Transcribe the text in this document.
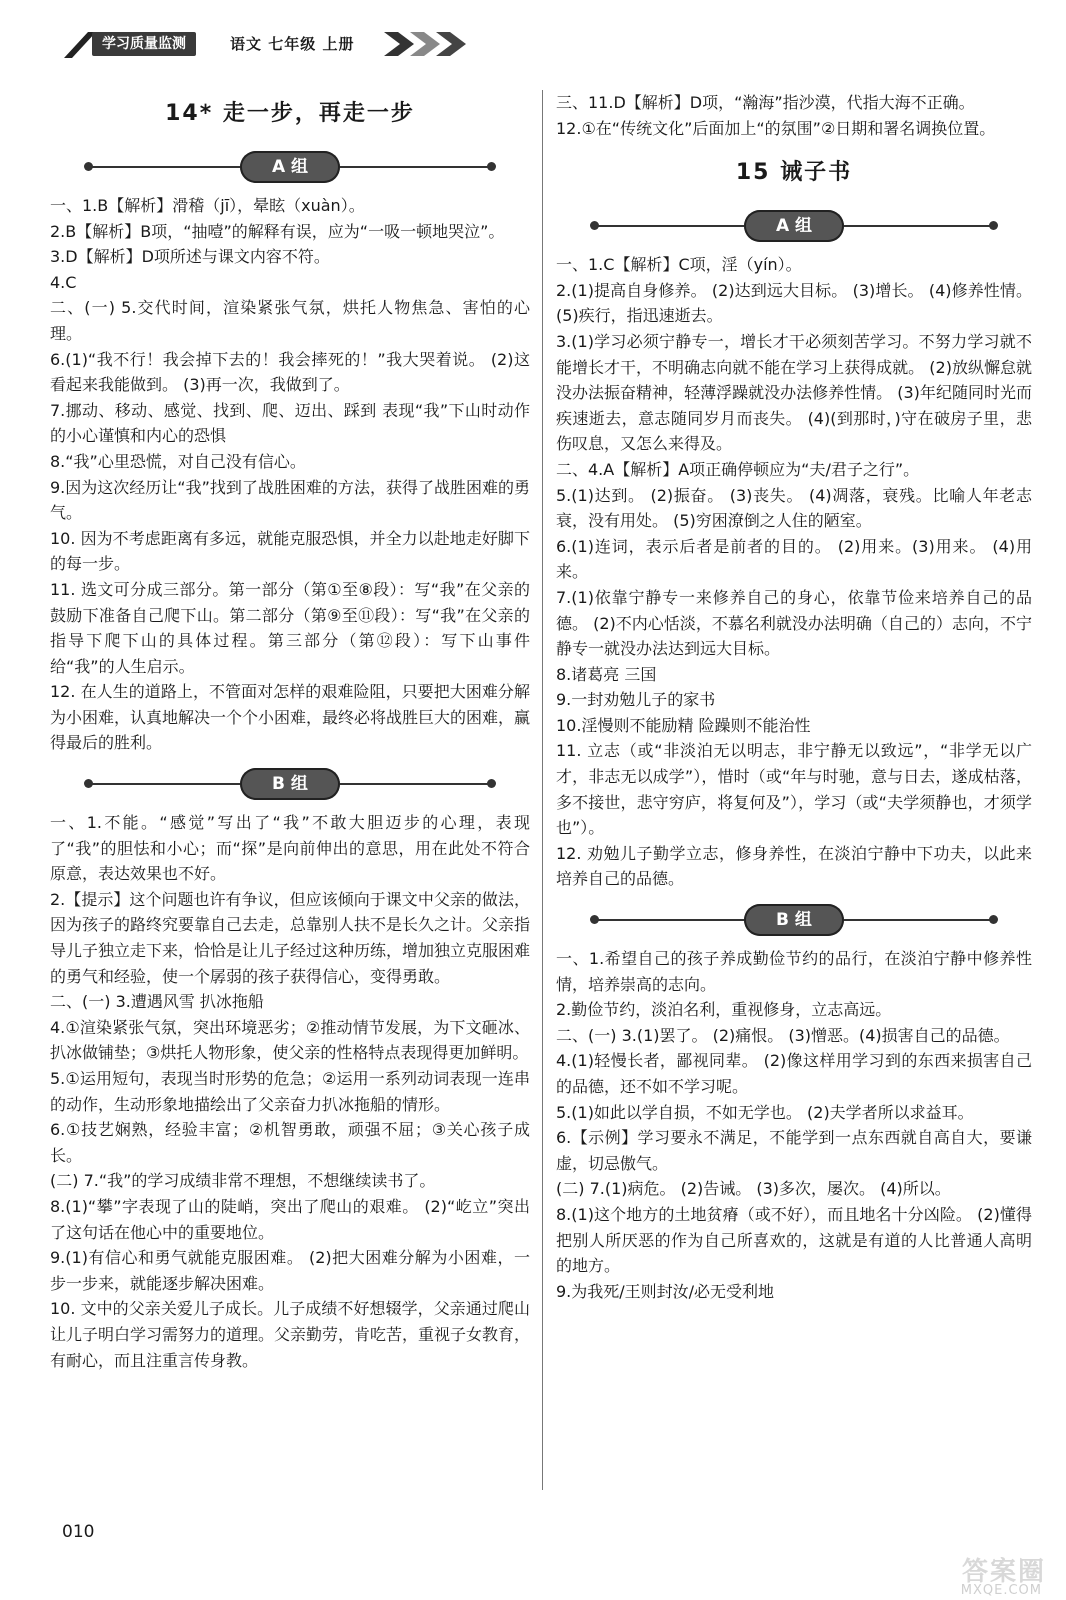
学习质量监测	语文 七年级 上册
14* 走一步，再走一步
A 组

一、1.B【解析】滑稽（jī），晕眩（xuàn）。

2.B【解析】B项，“抽噎”的解释有误，应为“一吸一顿地哭泣”。

3.D【解析】D项所述与课文内容不符。

4.C

二、(一) 5.交代时间，渲染紧张气氛，烘托人物焦急、害怕的心理。

6.(1)“我不行！我会掉下去的！我会摔死的！”我大哭着说。 (2)这看起来我能做到。 (3)再一次，我做到了。

7.挪动、移动、感觉、找到、爬、迈出、踩到 表现“我”下山时动作的小心谨慎和内心的恐惧

8.“我”心里恐慌，对自己没有信心。

9.因为这次经历让“我”找到了战胜困难的方法，获得了战胜困难的勇气。

10. 因为不考虑距离有多远，就能克服恐惧，并全力以赴地走好脚下的每一步。

11. 选文可分成三部分。第一部分（第①至⑧段）：写“我”在父亲的鼓励下准备自己爬下山。第二部分（第⑨至⑪段）：写“我”在父亲的指导下爬下山的具体过程。第三部分（第⑫段）：写下山事件给“我”的人生启示。

12. 在人生的道路上，不管面对怎样的艰难险阻，只要把大困难分解为小困难，认真地解决一个个小困难，最终必将战胜巨大的困难，赢得最后的胜利。

B 组

一、1.不能。“感觉”写出了“我”不敢大胆迈步的心理，表现了“我”的胆怯和小心；而“探”是向前伸出的意思，用在此处不符合原意，表达效果也不好。

2.【提示】这个问题也许有争议，但应该倾向于课文中父亲的做法，因为孩子的路终究要靠自己去走，总靠别人扶不是长久之计。父亲指导儿子独立走下来，恰恰是让儿子经过这种历练，增加独立克服困难的勇气和经验，使一个孱弱的孩子获得信心，变得勇敢。

二、(一) 3.遭遇风雪 扒冰拖船

4.①渲染紧张气氛，突出环境恶劣；②推动情节发展，为下文砸冰、扒冰做铺垫；③烘托人物形象，使父亲的性格特点表现得更加鲜明。

5.①运用短句，表现当时形势的危急；②运用一系列动词表现一连串的动作，生动形象地描绘出了父亲奋力扒冰拖船的情形。

6.①技艺娴熟，经验丰富；②机智勇敢，顽强不屈；③关心孩子成长。

(二) 7.“我”的学习成绩非常不理想，不想继续读书了。

8.(1)“攀”字表现了山的陡峭，突出了爬山的艰难。 (2)“屹立”突出了这句话在他心中的重要地位。

9.(1)有信心和勇气就能克服困难。 (2)把大困难分解为小困难，一步一步来，就能逐步解决困难。

10. 文中的父亲关爱儿子成长。儿子成绩不好想辍学，父亲通过爬山让儿子明白学习需努力的道理。父亲勤劳，肯吃苦，重视子女教育，有耐心，而且注重言传身教。

三、11.D【解析】D项，“瀚海”指沙漠，代指大海不正确。

12.①在“传统文化”后面加上“的氛围”②日期和署名调换位置。

15 诫子书
A 组

一、1.C【解析】C项，淫（yín）。

2.(1)提高自身修养。 (2)达到远大目标。 (3)增长。 (4)修养性情。 (5)疾行，指迅速逝去。

3.(1)学习必须宁静专一，增长才干必须刻苦学习。不努力学习就不能增长才干，不明确志向就不能在学习上获得成就。 (2)放纵懈怠就没办法振奋精神，轻薄浮躁就没办法修养性情。 (3)年纪随同时光而疾速逝去，意志随同岁月而丧失。 (4)(到那时，)守在破房子里，悲伤叹息，又怎么来得及。

二、4.A【解析】A项正确停顿应为“夫/君子之行”。

5.(1)达到。 (2)振奋。 (3)丧失。 (4)凋落，衰残。比喻人年老志衰，没有用处。 (5)穷困潦倒之人住的陋室。

6.(1)连词，表示后者是前者的目的。 (2)用来。(3)用来。 (4)用来。

7.(1)依靠宁静专一来修养自己的身心，依靠节俭来培养自己的品德。 (2)不内心恬淡，不慕名利就没办法明确（自己的）志向，不宁静专一就没办法达到远大目标。

8.诸葛亮 三国

9.一封劝勉儿子的家书

10.淫慢则不能励精 险躁则不能治性

11. 立志（或“非淡泊无以明志，非宁静无以致远”，“非学无以广才，非志无以成学”），惜时（或“年与时驰，意与日去，遂成枯落，多不接世，悲守穷庐，将复何及”），学习（或“夫学须静也，才须学也”）。

12. 劝勉儿子勤学立志，修身养性，在淡泊宁静中下功夫，以此来培养自己的品德。

B 组

一、1.希望自己的孩子养成勤俭节约的品行，在淡泊宁静中修养性情，培养崇高的志向。

2.勤俭节约，淡泊名利，重视修身，立志高远。

二、(一) 3.(1)罢了。 (2)痛恨。 (3)憎恶。(4)损害自己的品德。

4.(1)轻慢长者，鄙视同辈。 (2)像这样用学习到的东西来损害自己的品德，还不如不学习呢。

5.(1)如此以学自损，不如无学也。 (2)夫学者所以求益耳。

6.【示例】学习要永不满足，不能学到一点东西就自高自大，要谦虚，切忌傲气。

(二) 7.(1)病危。 (2)告诫。 (3)多次，屡次。 (4)所以。

8.(1)这个地方的土地贫瘠（或不好），而且地名十分凶险。 (2)懂得把别人所厌恶的作为自己所喜欢的，这就是有道的人比普通人高明的地方。

9.为我死/王则封汝/必无受利地

010
答案圈
MXQE.COM
